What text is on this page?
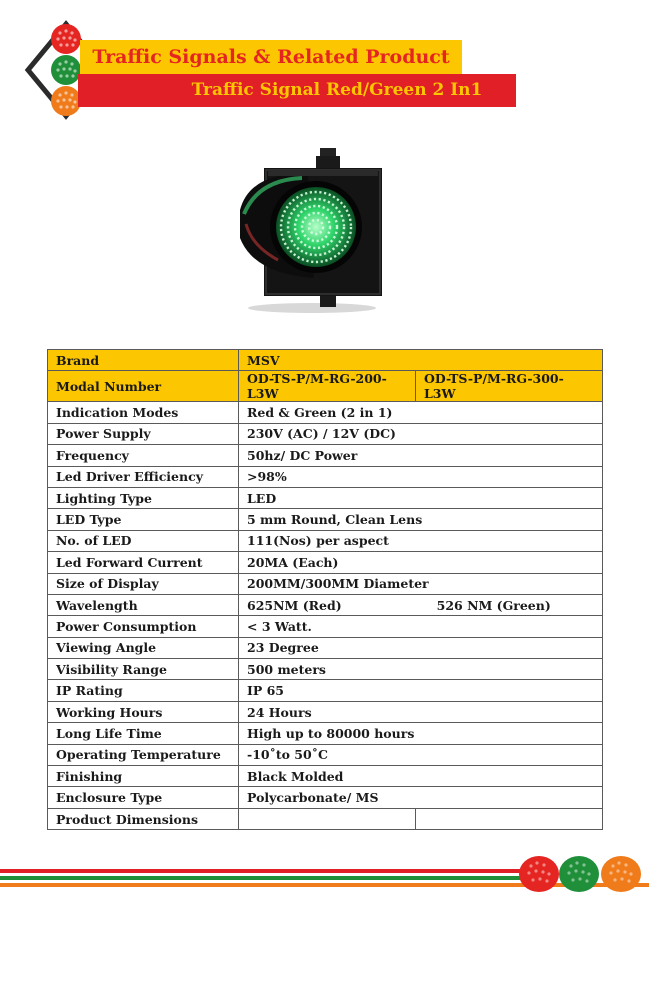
Traffic Signals & Related Product
Traffic Signal Red/Green 2 In1
Brand	MSV	
Modal Number	OD-TS-P/M-RG-200-L3W	OD-TS-P/M-RG-300-L3W
Indication Modes	Red & Green (2 in 1)	
Power Supply	230V (AC) / 12V (DC)	
Frequency	50hz/ DC Power	
Led Driver Efficiency	>98%	
Lighting Type	LED	
LED Type	5 mm Round, Clean Lens	
No. of LED	111(Nos) per aspect	
Led Forward Current	20MA (Each)	
Size of Display	200MM/300MM Diameter	
Wavelength	625NM (Red) 526 NM (Green)	
Power Consumption	< 3 Watt.	
Viewing Angle	23 Degree	
Visibility Range	500 meters	
IP Rating	IP 65	
Working Hours	24 Hours	
Long Life Time	High up to 80000 hours	
Operating Temperature	-10˚to 50˚C	
Finishing	Black Molded	
Enclosure Type	Polycarbonate/ MS	
Product Dimensions		
